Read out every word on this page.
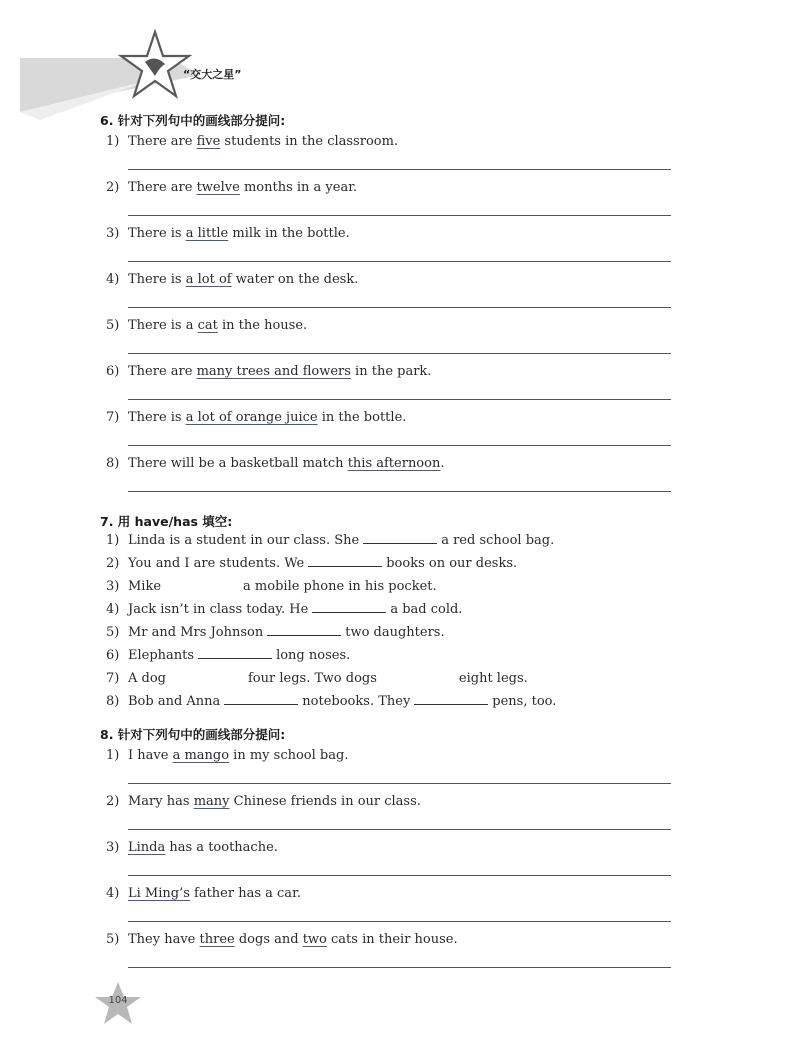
“交大之星”
6. 针对下列句中的画线部分提问:
1) There are five students in the classroom.
2) There are twelve months in a year.
3) There is a little milk in the bottle.
4) There is a lot of water on the desk.
5) There is a cat in the house.
6) There are many trees and flowers in the park.
7) There is a lot of orange juice in the bottle.
8) There will be a basketball match this afternoon.
7. 用 have/has 填空:
1) Linda is a student in our class. She	a red school bag.
2) You and I are students. We	books on our desks.
3) Mike	a mobile phone in his pocket.
4) Jack isn’t in class today. He	a bad cold.
5) Mr and Mrs Johnson	two daughters.
6) Elephants	long noses.
7) A dog	four legs. Two dogs	eight legs.
8) Bob and Anna	notebooks. They	pens, too.
8. 针对下列句中的画线部分提问:
1) I have a mango in my school bag.
2) Mary has many Chinese friends in our class.
3) Linda has a toothache.
4) Li Ming’s father has a car.
5) They have three dogs and two cats in their house.
104
